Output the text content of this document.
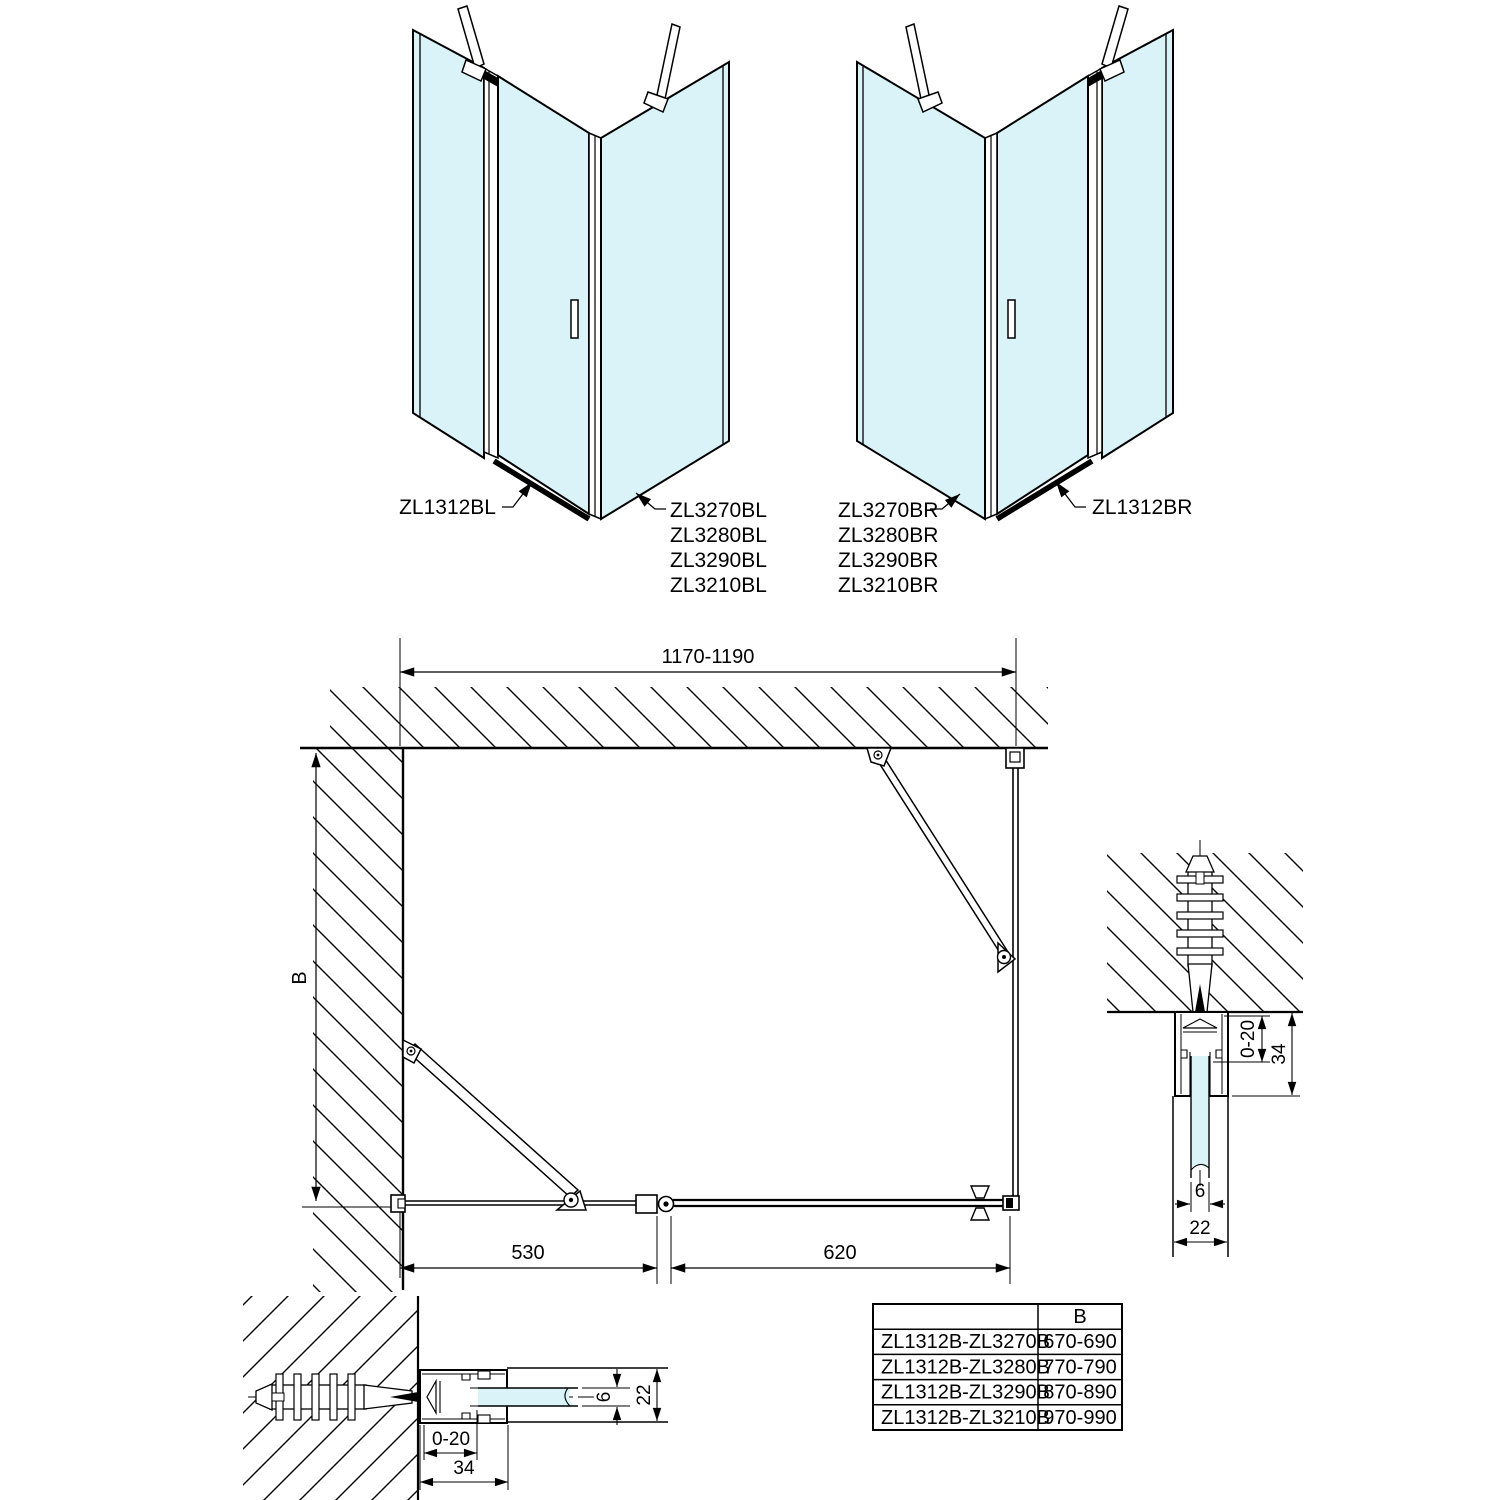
ZL1312BL	ZL3270BL
ZL3280BL
ZL3290BL
ZL3210BL
ZL1312BR
ZL3270BR
ZL3280BR
ZL3290BR
ZL3210BR
1170-1190
B
530	620
0-20 34
6
22
0-20
34
6 22
B
ZL1312B-ZL3270B
670-690
ZL1312B-ZL3280B
770-790
ZL1312B-ZL3290B
870-890
ZL1312B-ZL3210B
970-990
